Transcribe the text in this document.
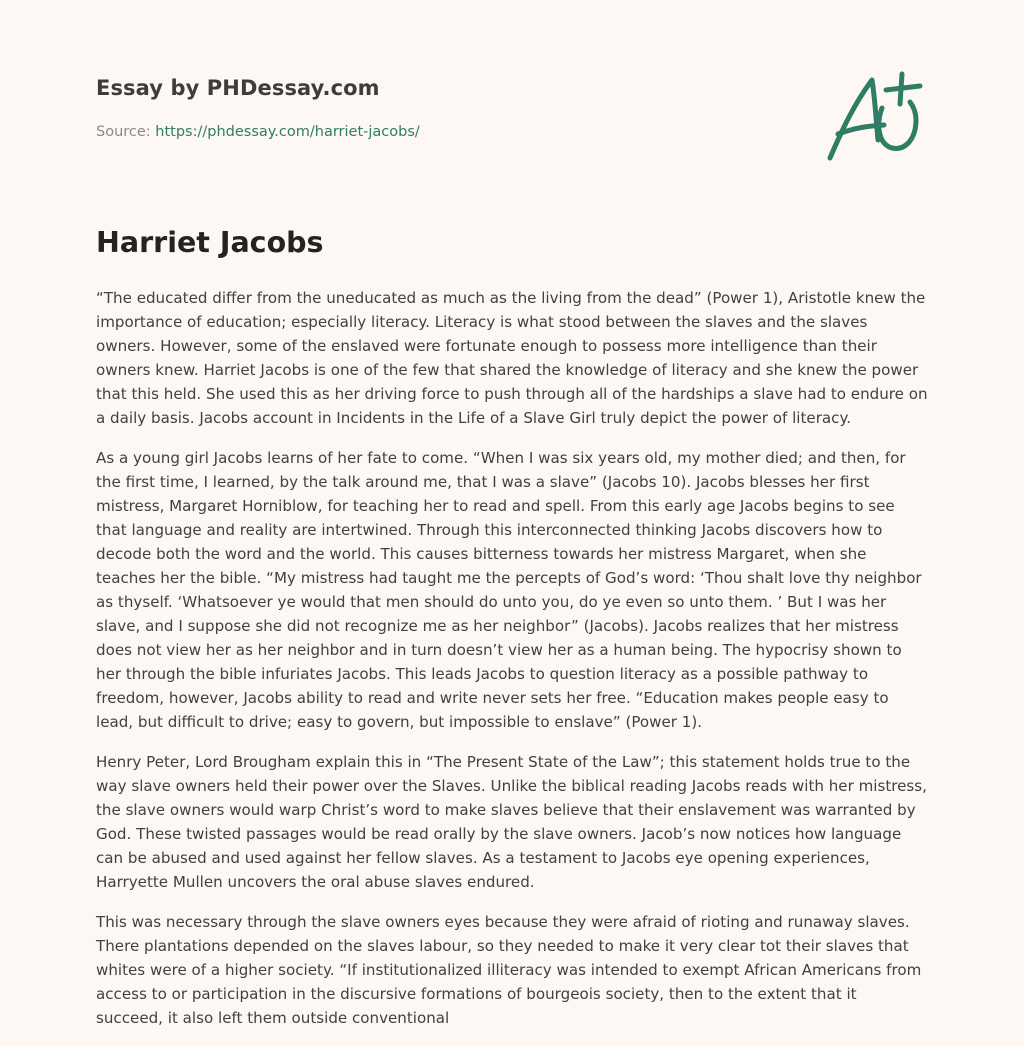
Essay by PHDessay.com
Source: https://phdessay.com/harriet-jacobs/
Harriet Jacobs

“The educated differ from the uneducated as much as the living from the dead” (Power 1), Aristotle knew the importance of education; especially literacy. Literacy is what stood between the slaves and the slaves owners. However, some of the enslaved were fortunate enough to possess more intelligence than their owners knew. Harriet Jacobs is one of the few that shared the knowledge of literacy and she knew the power that this held. She used this as her driving force to push through all of the hardships a slave had to endure on a daily basis. Jacobs account in Incidents in the Life of a Slave Girl truly depict the power of literacy.

As a young girl Jacobs learns of her fate to come. “When I was six years old, my mother died; and then, for the first time, I learned, by the talk around me, that I was a slave” (Jacobs 10). Jacobs blesses her first mistress, Margaret Horniblow, for teaching her to read and spell. From this early age Jacobs begins to see that language and reality are intertwined. Through this interconnected thinking Jacobs discovers how to decode both the word and the world. This causes bitterness towards her mistress Margaret, when she teaches her the bible. “My mistress had taught me the percepts of God’s word: ‘Thou shalt love thy neighbor as thyself. ‘Whatsoever ye would that men should do unto you, do ye even so unto them. ’ But I was her slave, and I suppose she did not recognize me as her neighbor” (Jacobs). Jacobs realizes that her mistress does not view her as her neighbor and in turn doesn’t view her as a human being. The hypocrisy shown to her through the bible infuriates Jacobs. This leads Jacobs to question literacy as a possible pathway to freedom, however, Jacobs ability to read and write never sets her free. “Education makes people easy to lead, but difficult to drive; easy to govern, but impossible to enslave” (Power 1).

Henry Peter, Lord Brougham explain this in “The Present State of the Law”; this statement holds true to the way slave owners held their power over the Slaves. Unlike the biblical reading Jacobs reads with her mistress, the slave owners would warp Christ’s word to make slaves believe that their enslavement was warranted by God. These twisted passages would be read orally by the slave owners. Jacob’s now notices how language can be abused and used against her fellow slaves. As a testament to Jacobs eye opening experiences, Harryette Mullen uncovers the oral abuse slaves endured.

This was necessary through the slave owners eyes because they were afraid of rioting and runaway slaves. There plantations depended on the slaves labour, so they needed to make it very clear tot their slaves that whites were of a higher society. “If institutionalized illiteracy was intended to exempt African Americans from access to or participation in the discursive formations of bourgeois society, then to the extent that it succeed, it also left them outside conventional
